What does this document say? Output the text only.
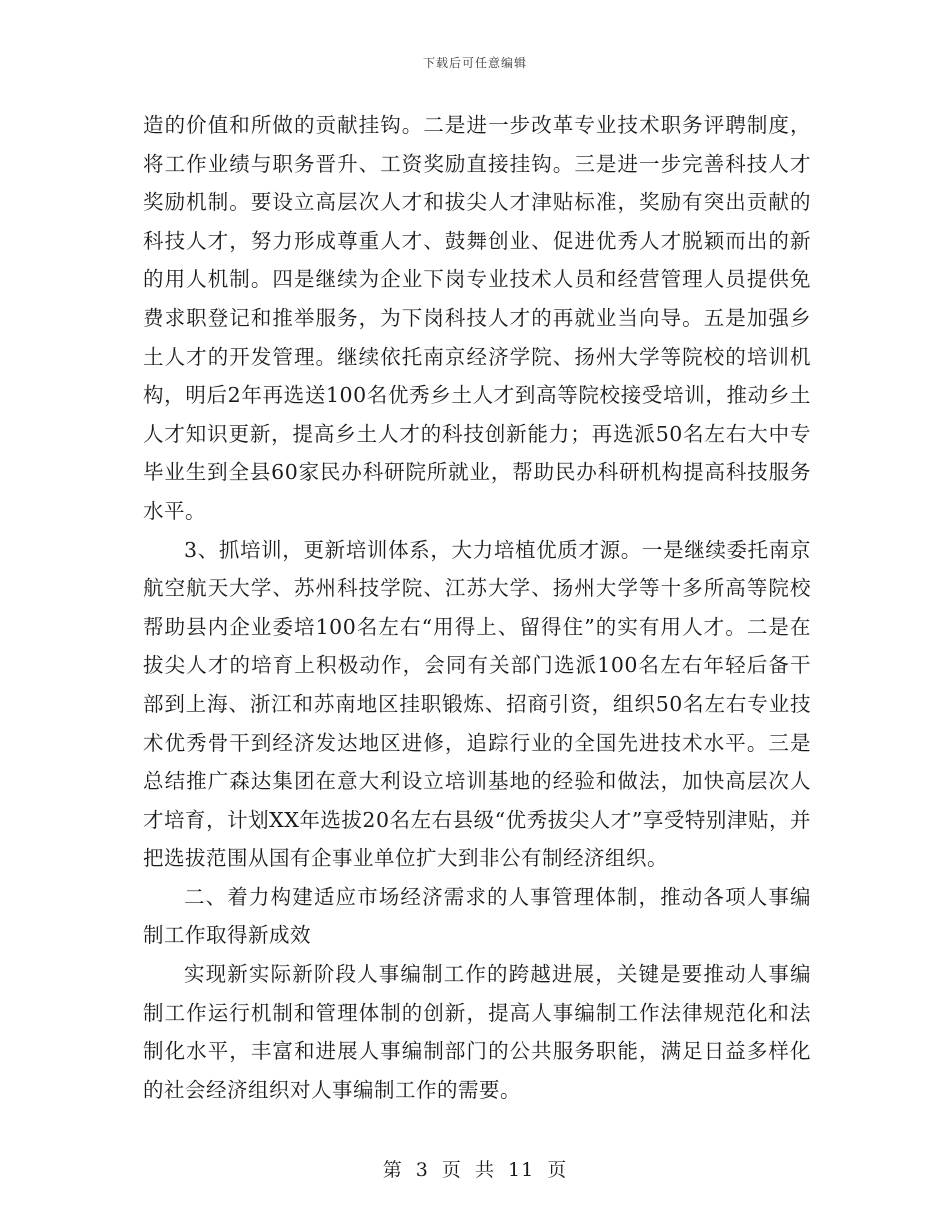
下载后可任意编辑

造的价值和所做的贡献挂钩。二是进一步改革专业技术职务评聘制度，将工作业绩与职务晋升、工资奖励直接挂钩。三是进一步完善科技人才奖励机制。要设立高层次人才和拔尖人才津贴标准，奖励有突出贡献的科技人才，努力形成尊重人才、鼓舞创业、促进优秀人才脱颖而出的新的用人机制。四是继续为企业下岗专业技术人员和经营管理人员提供免费求职登记和推举服务，为下岗科技人才的再就业当向导。五是加强乡土人才的开发管理。继续依托南京经济学院、扬州大学等院校的培训机构，明后2年再选送100名优秀乡土人才到高等院校接受培训，推动乡土人才知识更新，提高乡土人才的科技创新能力；再选派50名左右大中专毕业生到全县60家民办科研院所就业，帮助民办科研机构提高科技服务水平。

3、抓培训，更新培训体系，大力培植优质才源。一是继续委托南京航空航天大学、苏州科技学院、江苏大学、扬州大学等十多所高等院校帮助县内企业委培100名左右“用得上、留得住”的实有用人才。二是在拔尖人才的培育上积极动作，会同有关部门选派100名左右年轻后备干部到上海、浙江和苏南地区挂职锻炼、招商引资，组织50名左右专业技术优秀骨干到经济发达地区进修，追踪行业的全国先进技术水平。三是总结推广森达集团在意大利设立培训基地的经验和做法，加快高层次人才培育，计划XX年选拔20名左右县级“优秀拔尖人才”享受特别津贴，并把选拔范围从国有企事业单位扩大到非公有制经济组织。

二、着力构建适应市场经济需求的人事管理体制，推动各项人事编制工作取得新成效

实现新实际新阶段人事编制工作的跨越进展，关键是要推动人事编制工作运行机制和管理体制的创新，提高人事编制工作法律规范化和法制化水平，丰富和进展人事编制部门的公共服务职能，满足日益多样化的社会经济组织对人事编制工作的需要。

第 3 页 共 11 页
